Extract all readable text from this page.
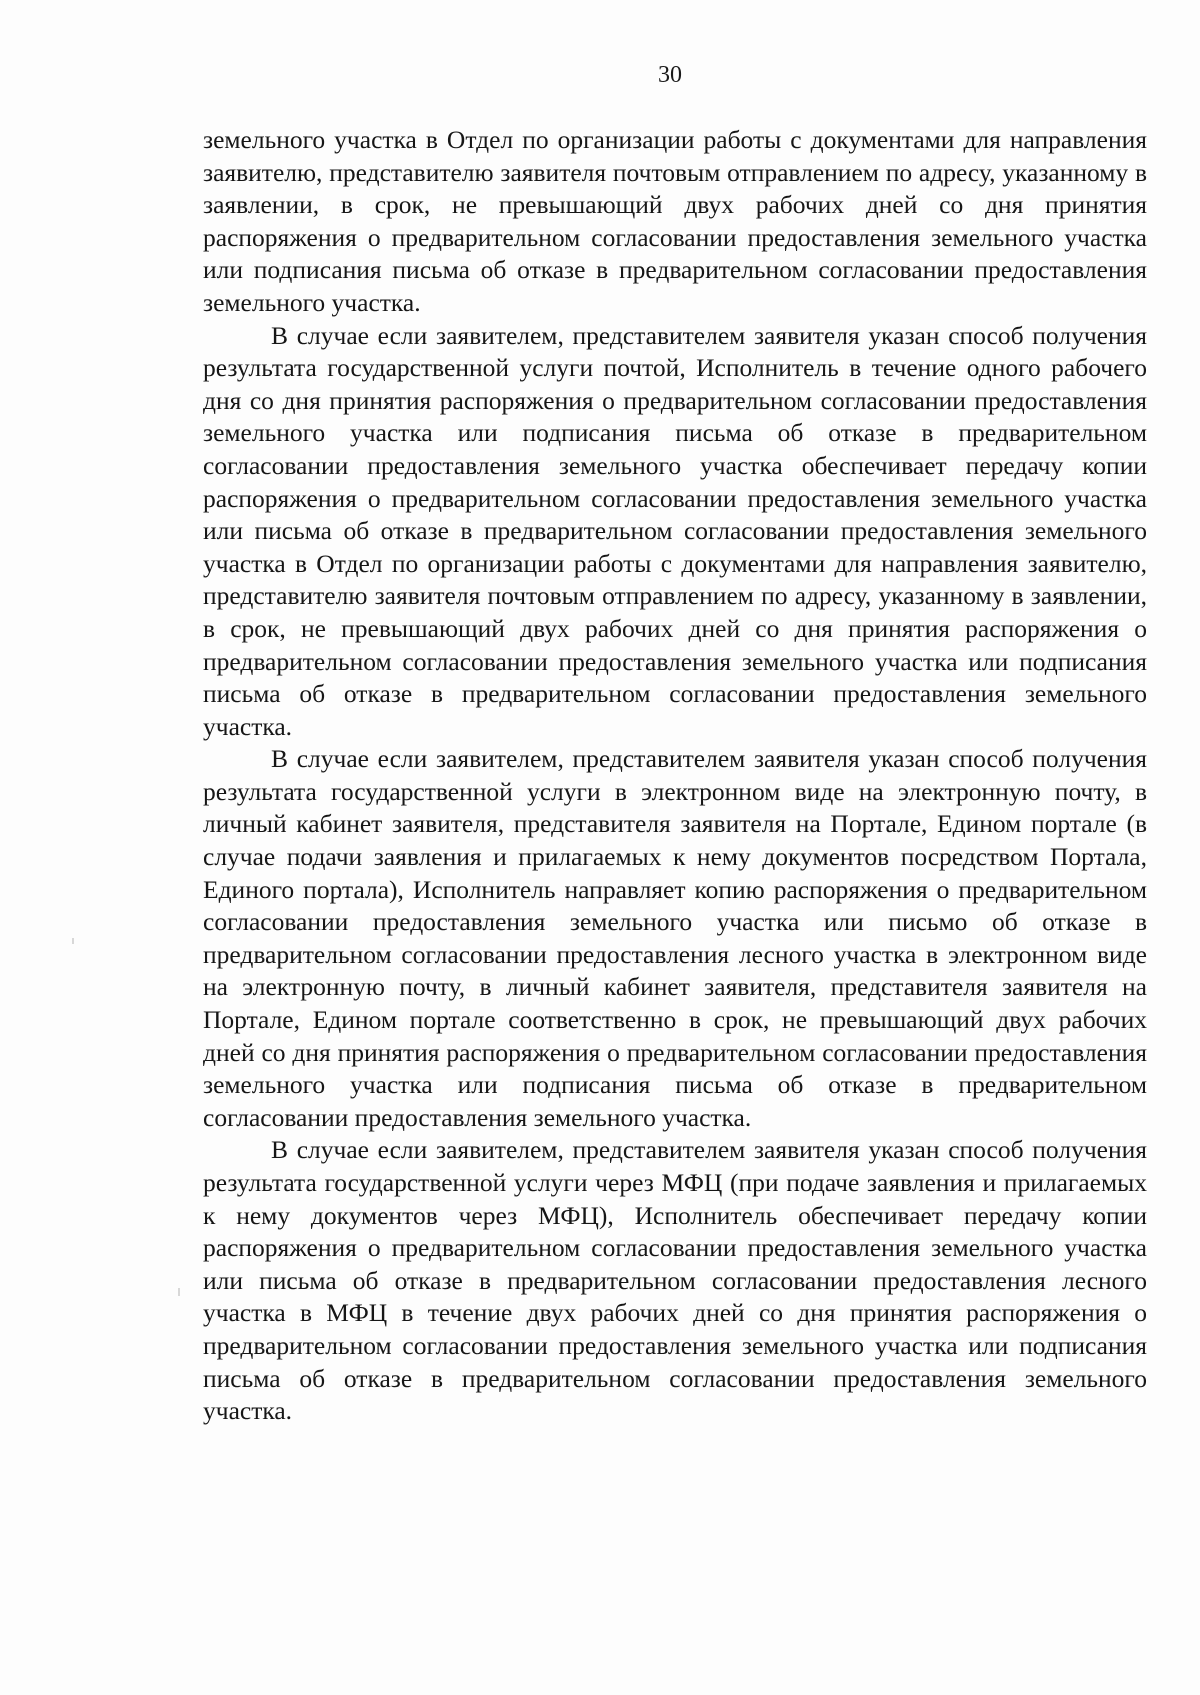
30

земельного участка в Отдел по организации работы с документами для направления заявителю, представителю заявителя почтовым отправлением по адресу, указанному в заявлении, в срок, не превышающий двух рабочих дней со дня принятия распоряжения о предварительном согласовании предоставления земельного участка или подписания письма об отказе в предварительном согласовании предоставления земельного участка.

В случае если заявителем, представителем заявителя указан способ получения результата государственной услуги почтой, Исполнитель в течение одного рабочего дня со дня принятия распоряжения о предварительном согласовании предоставления земельного участка или подписания письма об отказе в предварительном согласовании предоставления земельного участка обеспечивает передачу копии распоряжения о предварительном согласовании предоставления земельного участка или письма об отказе в предварительном согласовании предоставления земельного участка в Отдел по организации работы с документами для направления заявителю, представителю заявителя почтовым отправлением по адресу, указанному в заявлении, в срок, не превышающий двух рабочих дней со дня принятия распоряжения о предварительном согласовании предоставления земельного участка или подписания письма об отказе в предварительном согласовании предоставления земельного участка.

В случае если заявителем, представителем заявителя указан способ получения результата государственной услуги в электронном виде на электронную почту, в личный кабинет заявителя, представителя заявителя на Портале, Едином портале (в случае подачи заявления и прилагаемых к нему документов посредством Портала, Единого портала), Исполнитель направляет копию распоряжения о предварительном согласовании предоставления земельного участка или письмо об отказе в предварительном согласовании предоставления лесного участка в электронном виде на электронную почту, в личный кабинет заявителя, представителя заявителя на Портале, Едином портале соответственно в срок, не превышающий двух рабочих дней со дня принятия распоряжения о предварительном согласовании предоставления земельного участка или подписания письма об отказе в предварительном согласовании предоставления земельного участка.

В случае если заявителем, представителем заявителя указан способ получения результата государственной услуги через МФЦ (при подаче заявления и прилагаемых к нему документов через МФЦ), Исполнитель обеспечивает передачу копии распоряжения о предварительном согласовании предоставления земельного участка или письма об отказе в предварительном согласовании предоставления лесного участка в МФЦ в течение двух рабочих дней со дня принятия распоряжения о предварительном согласовании предоставления земельного участка или подписания письма об отказе в предварительном согласовании предоставления земельного участка.
